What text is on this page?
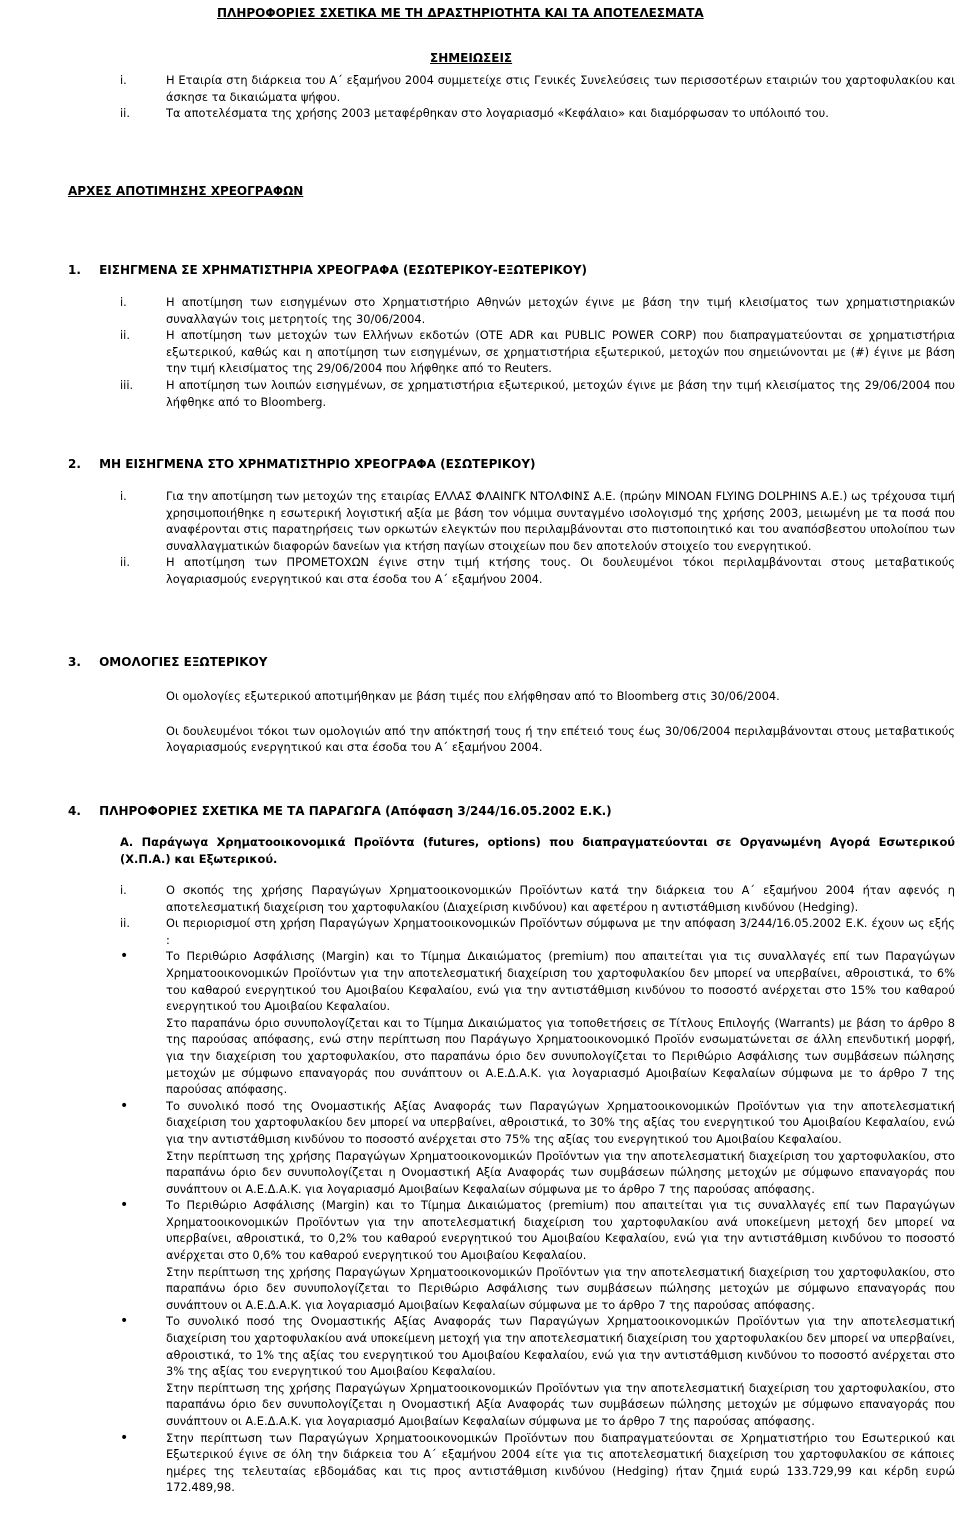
ΠΛΗΡΟΦΟΡΙΕΣ ΣΧΕΤΙΚΑ ΜΕ ΤΗ ΔΡΑΣΤΗΡΙΟΤΗΤΑ ΚΑΙ ΤΑ ΑΠΟΤΕΛΕΣΜΑΤΑ
ΣΗΜΕΙΩΣΕΙΣ
i.	Η Εταιρία στη διάρκεια του Α΄ εξαμήνου 2004 συμμετείχε στις Γενικές Συνελεύσεις των περισσοτέρων εταιριών του χαρτοφυλακίου και άσκησε τα δικαιώματα ψήφου.
ii.	Τα αποτελέσματα της χρήσης 2003 μεταφέρθηκαν στο λογαριασμό «Κεφάλαιο» και διαμόρφωσαν το υπόλοιπό του.
ΑΡΧΕΣ ΑΠΟΤΙΜΗΣΗΣ ΧΡΕΟΓΡΑΦΩΝ
1. ΕΙΣΗΓΜΕΝΑ ΣΕ ΧΡΗΜΑΤΙΣΤΗΡΙΑ ΧΡΕΟΓΡΑΦΑ (ΕΣΩΤΕΡΙΚΟΥ-ΕΞΩΤΕΡΙΚΟΥ)
i.	Η αποτίμηση των εισηγμένων στο Χρηματιστήριο Αθηνών μετοχών έγινε με βάση την τιμή κλεισίματος των χρηματιστηριακών συναλλαγών τοις μετρητοίς της 30/06/2004.
ii.	Η αποτίμηση των μετοχών των Ελλήνων εκδοτών (ΟΤΕ ADR και PUBLIC POWER CORP) που διαπραγματεύονται σε χρηματιστήρια εξωτερικού, καθώς και η αποτίμηση των εισηγμένων, σε χρηματιστήρια εξωτερικού, μετοχών που σημειώνονται με (#) έγινε με βάση την τιμή κλεισίματος της 29/06/2004 που λήφθηκε από το Reuters.
iii.	Η αποτίμηση των λοιπών εισηγμένων, σε χρηματιστήρια εξωτερικού, μετοχών έγινε με βάση την τιμή κλεισίματος της 29/06/2004 που λήφθηκε από το Bloomberg.
2. ΜΗ ΕΙΣΗΓΜΕΝΑ ΣΤΟ ΧΡΗΜΑΤΙΣΤΗΡΙΟ ΧΡΕΟΓΡΑΦΑ (ΕΣΩΤΕΡΙΚΟΥ)
i.	Για την αποτίμηση των μετοχών της εταιρίας ΕΛΛΑΣ ΦΛΑΙΝΓΚ ΝΤΟΛΦΙΝΣ Α.Ε. (πρώην MINOAN FLYING DOLPHINS Α.Ε.) ως τρέχουσα τιμή χρησιμοποιήθηκε η εσωτερική λογιστική αξία με βάση τον νόμιμα συνταγμένο ισολογισμό της χρήσης 2003, μειωμένη με τα ποσά που αναφέρονται στις παρατηρήσεις των ορκωτών ελεγκτών που περιλαμβάνονται στο πιστοποιητικό και του αναπόσβεστου υπολοίπου των συναλλαγματικών διαφορών δανείων για κτήση παγίων στοιχείων που δεν αποτελούν στοιχείο του ενεργητικού.
ii.	Η αποτίμηση των ΠΡΟΜΕΤΟΧΩΝ έγινε στην τιμή κτήσης τους. Οι δουλευμένοι τόκοι περιλαμβάνονται στους μεταβατικούς λογαριασμούς ενεργητικού και στα έσοδα του Α΄ εξαμήνου 2004.
3. ΟΜΟΛΟΓΙΕΣ ΕΞΩΤΕΡΙΚΟΥ
Οι ομολογίες εξωτερικού αποτιμήθηκαν με βάση τιμές που ελήφθησαν από το Bloomberg στις 30/06/2004.
Οι δουλευμένοι τόκοι των ομολογιών από την απόκτησή τους ή την επέτειό τους έως 30/06/2004 περιλαμβάνονται στους μεταβατικούς λογαριασμούς ενεργητικού και στα έσοδα του Α΄ εξαμήνου 2004.
4. ΠΛΗΡΟΦΟΡΙΕΣ ΣΧΕΤΙΚΑ ΜΕ ΤΑ ΠΑΡΑΓΩΓΑ (Απόφαση 3/244/16.05.2002 Ε.Κ.)
Α. Παράγωγα Χρηματοοικονομικά Προϊόντα (futures, options) που διαπραγματεύονται σε Οργανωμένη Αγορά Εσωτερικού (Χ.Π.Α.) και Εξωτερικού.
i.	Ο σκοπός της χρήσης Παραγώγων Χρηματοοικονομικών Προϊόντων κατά την διάρκεια του Α΄ εξαμήνου 2004 ήταν αφενός η αποτελεσματική διαχείριση του χαρτοφυλακίου (Διαχείριση κινδύνου) και αφετέρου η αντιστάθμιση κινδύνου (Hedging).
ii.	Οι περιορισμοί στη χρήση Παραγώγων Χρηματοοικονομικών Προϊόντων σύμφωνα με την απόφαση 3/244/16.05.2002 Ε.Κ. έχουν ως εξής :
•	Το Περιθώριο Ασφάλισης (Margin) και το Τίμημα Δικαιώματος (premium) που απαιτείται για τις συναλλαγές επί των Παραγώγων Χρηματοοικονομικών Προϊόντων για την αποτελεσματική διαχείριση του χαρτοφυλακίου δεν μπορεί να υπερβαίνει, αθροιστικά, το 6% του καθαρού ενεργητικού του Αμοιβαίου Κεφαλαίου, ενώ για την αντιστάθμιση κινδύνου το ποσοστό ανέρχεται στο 15% του καθαρού ενεργητικού του Αμοιβαίου Κεφαλαίου.
Στο παραπάνω όριο συνυπολογίζεται και το Τίμημα Δικαιώματος για τοποθετήσεις σε Τίτλους Επιλογής (Warrants) με βάση το άρθρο 8 της παρούσας απόφασης, ενώ στην περίπτωση που Παράγωγο Χρηματοοικονομικό Προϊόν ενσωματώνεται σε άλλη επενδυτική μορφή, για την διαχείριση του χαρτοφυλακίου, στο παραπάνω όριο δεν συνυπολογίζεται το Περιθώριο Ασφάλισης των συμβάσεων πώλησης μετοχών με σύμφωνο επαναγοράς που συνάπτουν οι Α.Ε.Δ.Α.Κ. για λογαριασμό Αμοιβαίων Κεφαλαίων σύμφωνα με το άρθρο 7 της παρούσας απόφασης.
•	Το συνολικό ποσό της Ονομαστικής Αξίας Αναφοράς των Παραγώγων Χρηματοοικονομικών Προϊόντων για την αποτελεσματική διαχείριση του χαρτοφυλακίου δεν μπορεί να υπερβαίνει, αθροιστικά, το 30% της αξίας του ενεργητικού του Αμοιβαίου Κεφαλαίου, ενώ για την αντιστάθμιση κινδύνου το ποσοστό ανέρχεται στο 75% της αξίας του ενεργητικού του Αμοιβαίου Κεφαλαίου.
Στην περίπτωση της χρήσης Παραγώγων Χρηματοοικονομικών Προϊόντων για την αποτελεσματική διαχείριση του χαρτοφυλακίου, στο παραπάνω όριο δεν συνυπολογίζεται η Ονομαστική Αξία Αναφοράς των συμβάσεων πώλησης μετοχών με σύμφωνο επαναγοράς που συνάπτουν οι Α.Ε.Δ.Α.Κ. για λογαριασμό Αμοιβαίων Κεφαλαίων σύμφωνα με το άρθρο 7 της παρούσας απόφασης.
•	Το Περιθώριο Ασφάλισης (Margin) και το Τίμημα Δικαιώματος (premium) που απαιτείται για τις συναλλαγές επί των Παραγώγων Χρηματοοικονομικών Προϊόντων για την αποτελεσματική διαχείριση του χαρτοφυλακίου ανά υποκείμενη μετοχή δεν μπορεί να υπερβαίνει, αθροιστικά, το 0,2% του καθαρού ενεργητικού του Αμοιβαίου Κεφαλαίου, ενώ για την αντιστάθμιση κινδύνου το ποσοστό ανέρχεται στο 0,6% του καθαρού ενεργητικού του Αμοιβαίου Κεφαλαίου.
Στην περίπτωση της χρήσης Παραγώγων Χρηματοοικονομικών Προϊόντων για την αποτελεσματική διαχείριση του χαρτοφυλακίου, στο παραπάνω όριο δεν συνυπολογίζεται το Περιθώριο Ασφάλισης των συμβάσεων πώλησης μετοχών με σύμφωνο επαναγοράς που συνάπτουν οι Α.Ε.Δ.Α.Κ. για λογαριασμό Αμοιβαίων Κεφαλαίων σύμφωνα με το άρθρο 7 της παρούσας απόφασης.
•	Το συνολικό ποσό της Ονομαστικής Αξίας Αναφοράς των Παραγώγων Χρηματοοικονομικών Προϊόντων για την αποτελεσματική διαχείριση του χαρτοφυλακίου ανά υποκείμενη μετοχή για την αποτελεσματική διαχείριση του χαρτοφυλακίου δεν μπορεί να υπερβαίνει, αθροιστικά, το 1% της αξίας του ενεργητικού του Αμοιβαίου Κεφαλαίου, ενώ για την αντιστάθμιση κινδύνου το ποσοστό ανέρχεται στο 3% της αξίας του ενεργητικού του Αμοιβαίου Κεφαλαίου.
Στην περίπτωση της χρήσης Παραγώγων Χρηματοοικονομικών Προϊόντων για την αποτελεσματική διαχείριση του χαρτοφυλακίου, στο παραπάνω όριο δεν συνυπολογίζεται η Ονομαστική Αξία Αναφοράς των συμβάσεων πώλησης μετοχών με σύμφωνο επαναγοράς που συνάπτουν οι Α.Ε.Δ.Α.Κ. για λογαριασμό Αμοιβαίων Κεφαλαίων σύμφωνα με το άρθρο 7 της παρούσας απόφασης.
•	Στην περίπτωση των Παραγώγων Χρηματοοικονομικών Προϊόντων που διαπραγματεύονται σε Χρηματιστήριο του Εσωτερικού και Εξωτερικού έγινε σε όλη την διάρκεια του Α΄ εξαμήνου 2004 είτε για τις αποτελεσματική διαχείριση του χαρτοφυλακίου σε κάποιες ημέρες της τελευταίας εβδομάδας και τις προς αντιστάθμιση κινδύνου (Hedging) ήταν ζημιά ευρώ 133.729,99 και κέρδη ευρώ 172.489,98.
